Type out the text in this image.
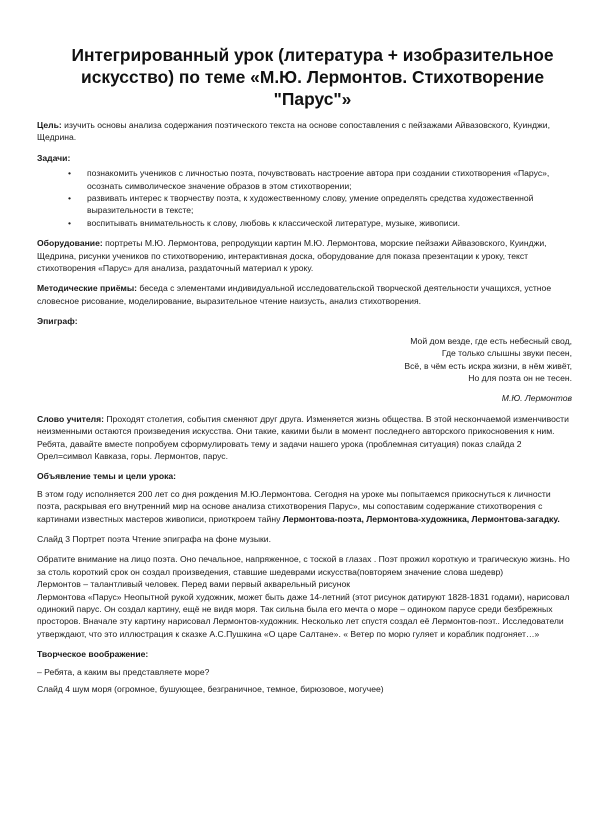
Интегрированный урок (литература + изобразительное искусство) по теме «М.Ю. Лермонтов. Стихотворение "Парус"»

Цель: изучить основы анализа содержания поэтического текста на основе сопоставления с пейзажами Айвазовского, Куинджи, Щедрина.

Задачи:

• познакомить учеников с личностью поэта, почувствовать настроение автора при создании стихотворения «Парус», осознать символическое значение образов в этом стихотворении;
• развивать интерес к творчеству поэта, к художественному слову, умение определять средства художественной выразительности в тексте;
• воспитывать внимательность к слову, любовь к классической литературе, музыке, живописи.

Оборудование: портреты М.Ю. Лермонтова, репродукции картин М.Ю. Лермонтова, морские пейзажи Айвазовского, Куинджи, Щедрина, рисунки учеников по стихотворению, интерактивная доска, оборудование для показа презентации к уроку, текст стихотворения «Парус» для анализа, раздаточный материал к уроку.

Методические приёмы: беседа с элементами индивидуальной исследовательской творческой деятельности учащихся, устное словесное рисование, моделирование, выразительное чтение наизусть, анализ стихотворения.

Эпиграф:

Мой дом везде, где есть небесный свод,
Где только слышны звуки песен,
Всё, в чём есть искра жизни, в нём живёт,
Но для поэта он не тесен.
М.Ю. Лермонтов

Слово учителя: Проходят столетия, события сменяют друг друга. Изменяется жизнь общества. В этой нескончаемой изменчивости неизменными остаются произведения искусства. Они такие, какими были в момент последнего авторского прикосновения к ним.

Ребята, давайте вместе попробуем сформулировать тему и задачи нашего урока (проблемная ситуация) показ слайда 2 Орел=символ Кавказа, горы. Лермонтов, парус.

Объявление темы и цели урока:

В этом году исполняется 200 лет со дня рождения М.Ю.Лермонтова. Сегодня на уроке мы попытаемся прикоснуться к личности поэта, раскрывая его внутренний мир на основе анализа стихотворения Парус», мы сопоставим содержание стихотворения с картинами известных мастеров живописи, приоткроем тайну Лермонтова-поэта, Лермонтова-художника, Лермонтова-загадку.

Слайд 3 Портрет поэта Чтение эпиграфа на фоне музыки.

Обратите внимание на лицо поэта. Оно печальное, напряженное, с тоской в глазах . Поэт прожил короткую и трагическую жизнь. Но за столь короткий срок он создал произведения, ставшие шедеврами искусства(повторяем значение слова шедевр)

Лермонтов – талантливый человек. Перед вами первый акварельный рисунок

Лермонтова «Парус» Неопытной рукой художник, может быть даже 14-летний (этот рисунок датируют 1828-1831 годами), нарисовал одинокий парус. Он создал картину, ещё не видя моря. Так сильна была его мечта о море – одиноком парусе среди безбрежных просторов. Вначале эту картину нарисовал Лермонтов-художник. Несколько лет спустя создал её Лермонтов-поэт.. Исследователи утверждают, что это иллюстрация к сказке А.С.Пушкина «О царе Салтане». « Ветер по морю гуляет и кораблик подгоняет…»

Творческое воображение:

– Ребята, а каким вы представляете море?

Слайд 4 шум моря (огромное, бушующее, безграничное, темное, бирюзовое, могучее)
